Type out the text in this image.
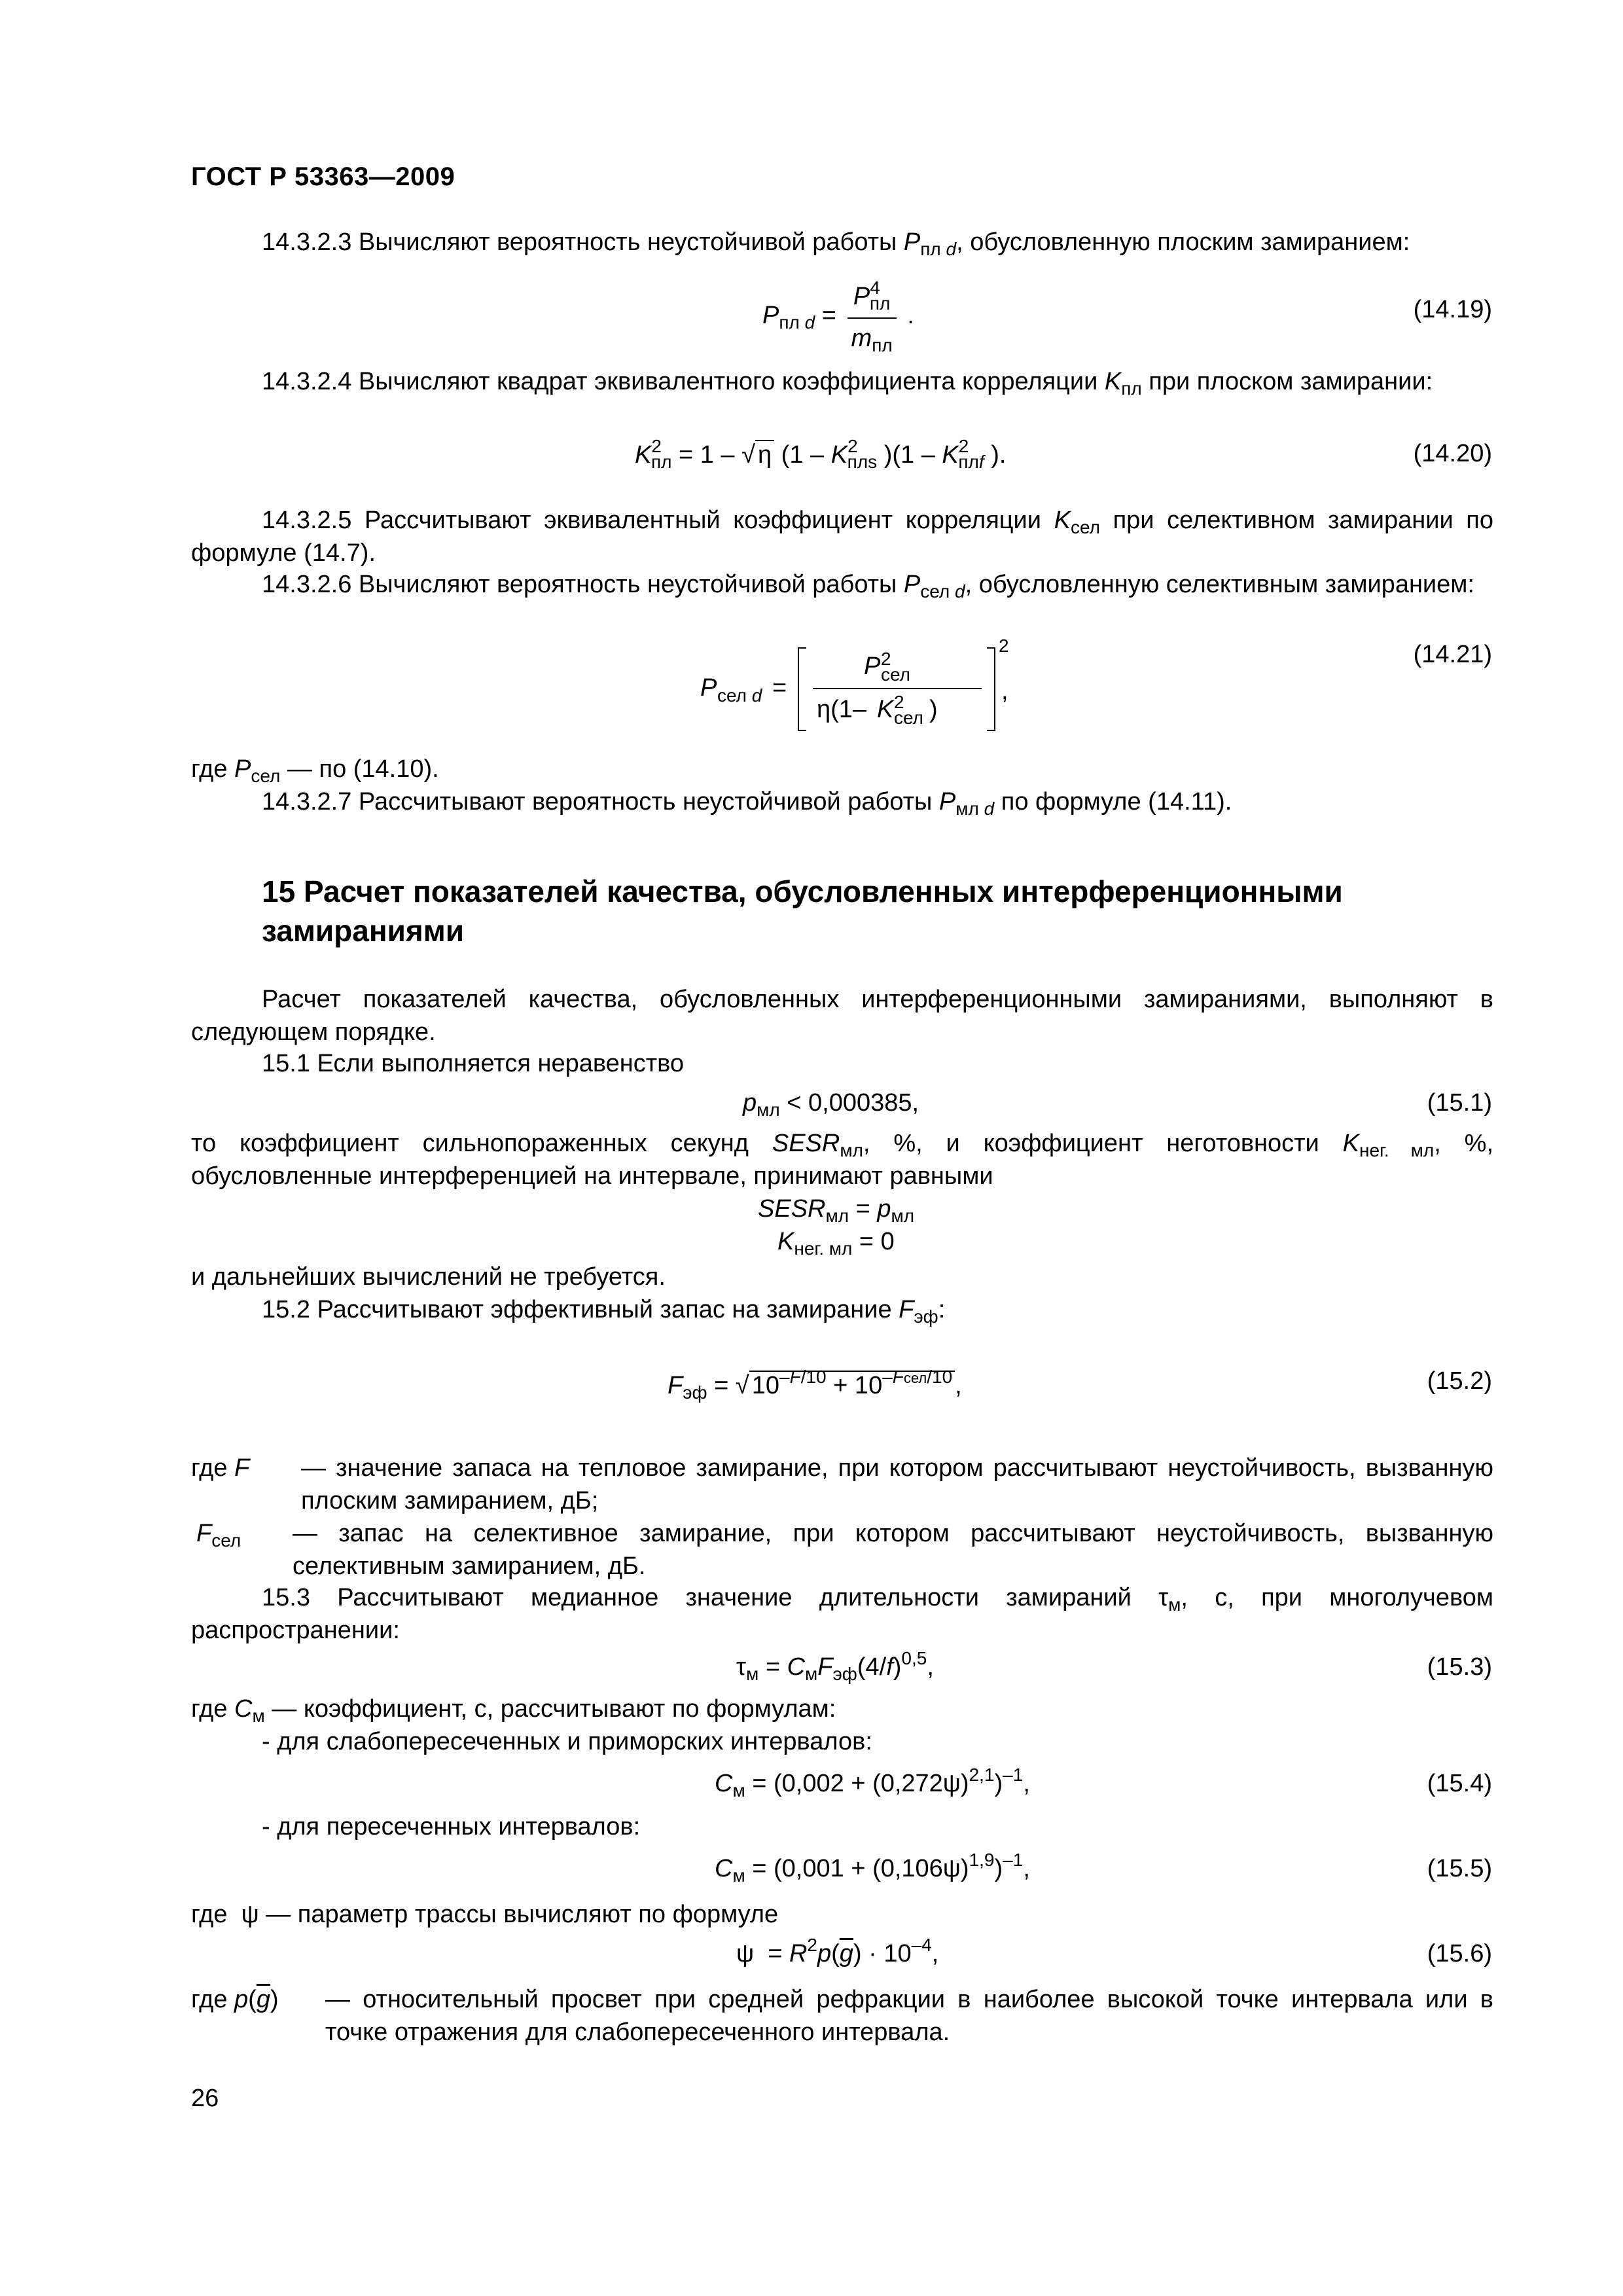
ГОСТ Р 53363—2009
14.3.2.3 Вычисляют вероятность неустойчивой работы $P_{пл d}$, обусловленную плоским замиранием:
$P_{пл d} = \frac{P^4_{пл}}{m_{пл}}$ .	(14.19)
14.3.2.4 Вычисляют квадрат эквивалентного коэффициента корреляции $K_{пл}$ при плоском замирании:
$K^2_{пл} = 1$ – √ η ($1 - K^2_{плs}$ )($1 - K^2_{плf}$ ).	(14.20)
14.3.2.5 Рассчитывают эквивалентный коэффициент корреляции $K_{сел}$ при селективном замирании по формуле (14.7).
14.3.2.6 Вычисляют вероятность неустойчивой работы $P_{сел d}$, обусловленную селективным замиранием:
P сел d =
P 2
сел
η(1– K 2
сел )
2
,
(14.21)
где $P_{сел}$ — по (14.10).
14.3.2.7 Рассчитывают вероятность неустойчивой работы $P_{мл d}$ по формуле (14.11).
15 Расчет показателей качества, обусловленных интерференционными замираниями
Расчет показателей качества, обусловленных интерференционными замираниями, выполняют в следующем порядке.
15.1 Если выполняется неравенство
$p_{мл} < 0,000385$,	(15.1)
то коэффициент сильнопораженных секунд $SESR_{мл}$, %, и коэффициент неготовности $K_{нег. мл}$, %, обусловленные интерференцией на интервале, принимают равными
$SESR_{мл} = p_{мл}$
$K_{нег. мл} = 0$
и дальнейших вычислений не требуется.
15.2 Рассчитывают эффективный запас на замирание $F_{эф}$:
$F_{эф}$ = √ $10^{-F/10} + 10^{-Fсел/10}$ ,	(15.2)
где F	— значение запаса на тепловое замирание, при котором рассчитывают неустойчивость, вызванную плоским замиранием, дБ;
$F_{сел}$ — запас на селективное замирание, при котором рассчитывают неустойчивость, вызванную селективным замиранием, дБ.
15.3 Рассчитывают медианное значение длительности замираний $\tau_м$, с, при многолучевом распространении:
$\tau_м = C_мF_{эф}(4/f)^{0,5}$,	(15.3)
где $C_м$ — коэффициент, с, рассчитывают по формулам:
- для слабопересеченных и приморских интервалов:
$C_м = (0,002 + (0,272\psi)^{2,1})^{-1}$,	(15.4)
- для пересеченных интервалов:
$C_м = (0,001 + (0,106\psi)^{1,9})^{-1}$,	(15.5)
где  ψ — параметр трассы вычисляют по формуле
$\psi = R^2p(\overline{g}) \cdot 10^{-4}$,	(15.6)
где $p(\overline{g})$	— относительный просвет при средней рефракции в наиболее высокой точке интервала или в точке отражения для слабопересеченного интервала.
26
